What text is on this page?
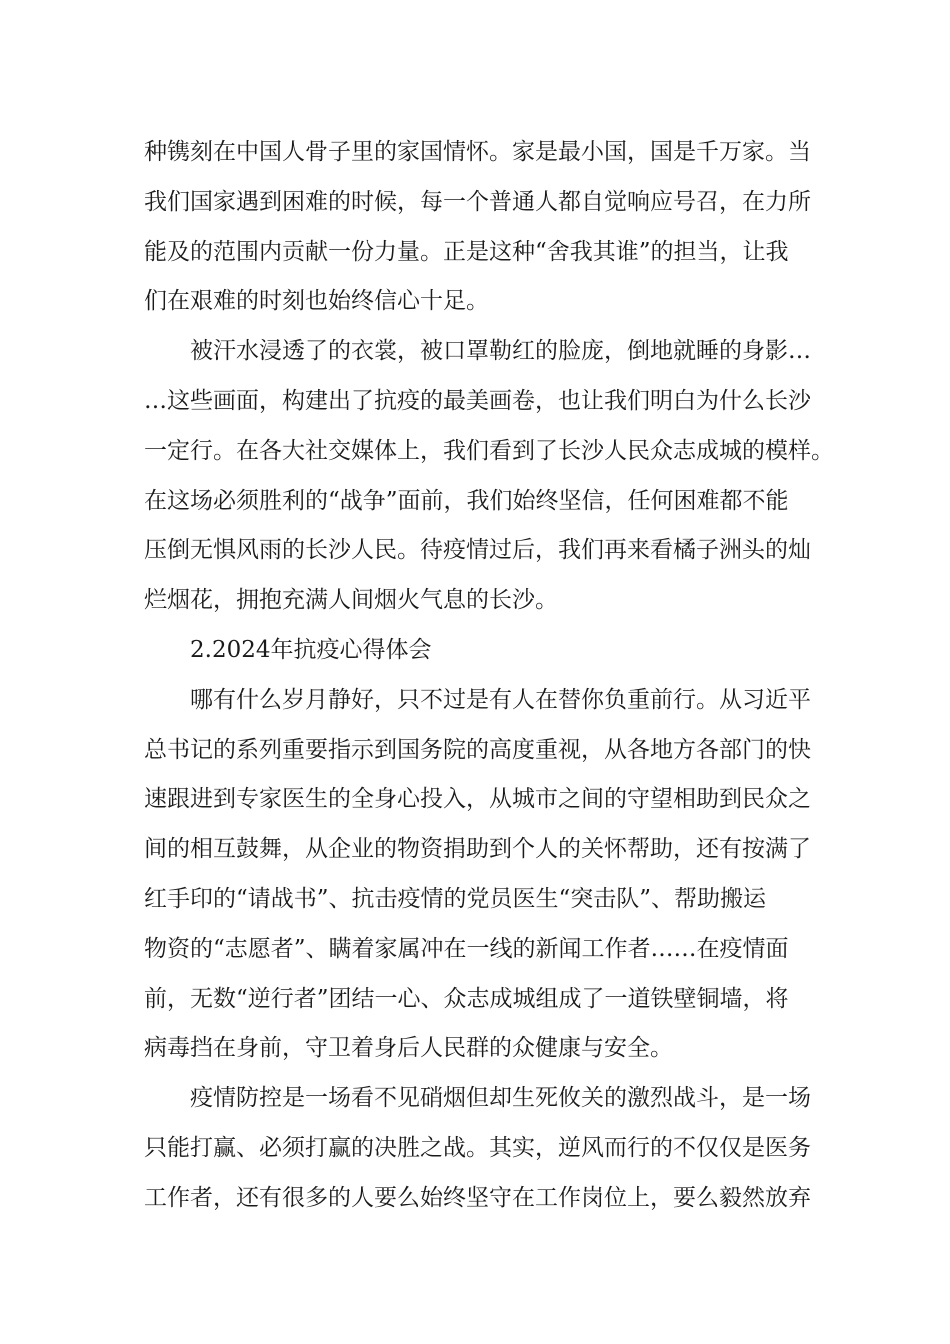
种镌刻在中国人骨子里的家国情怀。家是最小国，国是千万家。当
我们国家遇到困难的时候，每一个普通人都自觉响应号召，在力所
能及的范围内贡献一份力量。正是这种“舍我其谁”的担当，让我
们在艰难的时刻也始终信心十足。
被汗水浸透了的衣裳，被口罩勒红的脸庞，倒地就睡的身影…
…这些画面，构建出了抗疫的最美画卷，也让我们明白为什么长沙
一定行。在各大社交媒体上，我们看到了长沙人民众志成城的模样。
在这场必须胜利的“战争”面前，我们始终坚信，任何困难都不能
压倒无惧风雨的长沙人民。待疫情过后，我们再来看橘子洲头的灿
烂烟花，拥抱充满人间烟火气息的长沙。
2.2024年抗疫心得体会
哪有什么岁月静好，只不过是有人在替你负重前行。从习近平
总书记的系列重要指示到国务院的高度重视，从各地方各部门的快
速跟进到专家医生的全身心投入，从城市之间的守望相助到民众之
间的相互鼓舞，从企业的物资捐助到个人的关怀帮助，还有按满了
红手印的“请战书”、抗击疫情的党员医生“突击队”、帮助搬运
物资的“志愿者”、瞒着家属冲在一线的新闻工作者……在疫情面
前，无数“逆行者”团结一心、众志成城组成了一道铁壁铜墙，将
病毒挡在身前，守卫着身后人民群的众健康与安全。
疫情防控是一场看不见硝烟但却生死攸关的激烈战斗，是一场
只能打赢、必须打赢的决胜之战。其实，逆风而行的不仅仅是医务
工作者，还有很多的人要么始终坚守在工作岗位上，要么毅然放弃
